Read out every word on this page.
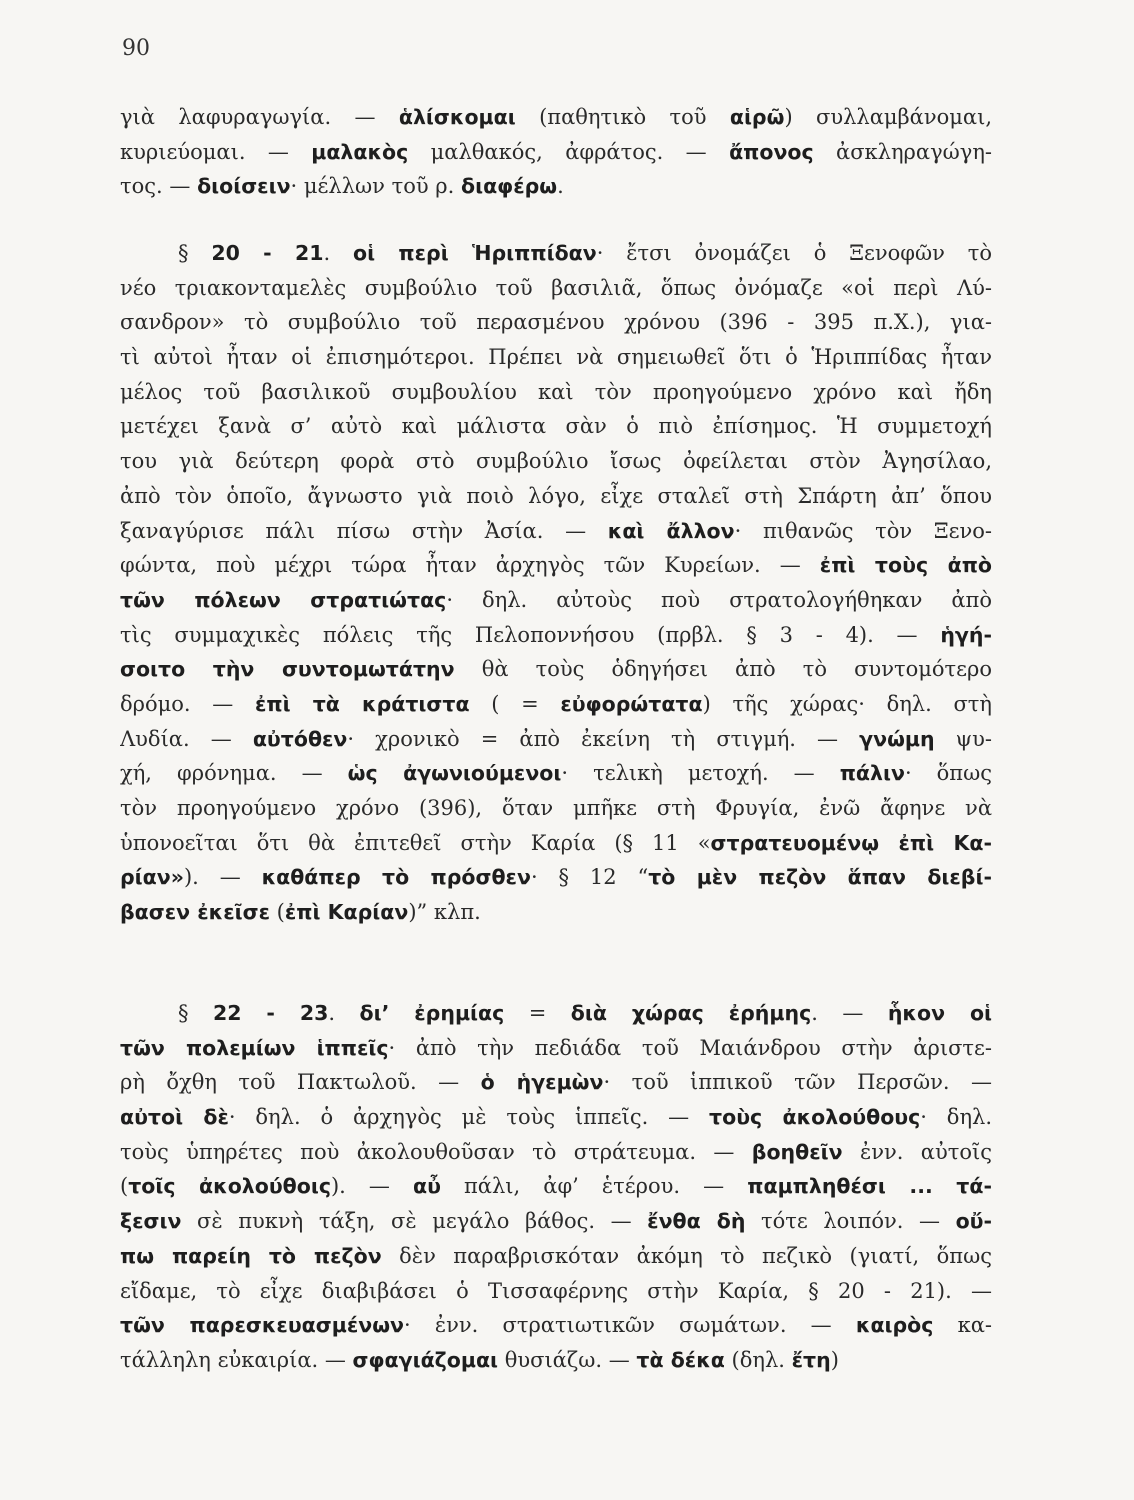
90
γιὰ λαφυραγωγία. — ἁλίσκομαι (παθητικὸ τοῦ αἱρῶ) συλλαμβάνομαι,
κυριεύομαι. — μαλακὸς μαλθακός, ἀφράτος. — ἄπονος ἀσκληραγώγη-
τος. — διοίσειν· μέλλων τοῦ ρ. διαφέρω.
§ 20 - 21. οἱ περὶ Ἡριππίδαν· ἔτσι ὀνομάζει ὁ Ξενοφῶν τὸ
νέο τριακονταμελὲς συμβούλιο τοῦ βασιλιᾶ, ὅπως ὀνόμαζε «οἱ περὶ Λύ-
σανδρον» τὸ συμβούλιο τοῦ περασμένου χρόνου (396 - 395 π.Χ.), για-
τὶ αὐτοὶ ἦταν οἱ ἐπισημότεροι. Πρέπει νὰ σημειωθεῖ ὅτι ὁ Ἡριππίδας ἦταν
μέλος τοῦ βασιλικοῦ συμβουλίου καὶ τὸν προηγούμενο χρόνο καὶ ἤδη
μετέχει ξανὰ σ’ αὐτὸ καὶ μάλιστα σὰν ὁ πιὸ ἐπίσημος. Ἡ συμμετοχή
του γιὰ δεύτερη φορὰ στὸ συμβούλιο ἴσως ὀφείλεται στὸν Ἀγησίλαο,
ἀπὸ τὸν ὁποῖο, ἄγνωστο γιὰ ποιὸ λόγο, εἶχε σταλεῖ στὴ Σπάρτη ἀπ’ ὅπου
ξαναγύρισε πάλι πίσω στὴν Ἀσία. — καὶ ἄλλον· πιθανῶς τὸν Ξενο-
φώντα, ποὺ μέχρι τώρα ἦταν ἀρχηγὸς τῶν Κυρείων. — ἐπὶ τοὺς ἀπὸ
τῶν πόλεων στρατιώτας· δηλ. αὐτοὺς ποὺ στρατολογήθηκαν ἀπὸ
τὶς συμμαχικὲς πόλεις τῆς Πελοποννήσου (πρβλ. § 3 - 4). — ἡγή-
σοιτο τὴν συντομωτάτην θὰ τοὺς ὁδηγήσει ἀπὸ τὸ συντομότερο
δρόμο. — ἐπὶ τὰ κράτιστα ( = εὐφορώτατα) τῆς χώρας· δηλ. στὴ
Λυδία. — αὐτόθεν· χρονικὸ = ἀπὸ ἐκείνη τὴ στιγμή. — γνώμη ψυ-
χή, φρόνημα. — ὡς ἀγωνιούμενοι· τελικὴ μετοχή. — πάλιν· ὅπως
τὸν προηγούμενο χρόνο (396), ὅταν μπῆκε στὴ Φρυγία, ἐνῶ ἄφηνε νὰ
ὑπονοεῖται ὅτι θὰ ἐπιτεθεῖ στὴν Καρία (§ 11 «στρατευομένῳ ἐπὶ Κα-
ρίαν»). — καθάπερ τὸ πρόσθεν· § 12 “τὸ μὲν πεζὸν ἅπαν διεβί-
βασεν ἐκεῖσε (ἐπὶ Καρίαν)” κλπ.
§ 22 - 23. δι’ ἐρημίας = διὰ χώρας ἐρήμης. — ἧκον οἱ
τῶν πολεμίων ἱππεῖς· ἀπὸ τὴν πεδιάδα τοῦ Μαιάνδρου στὴν ἀριστε-
ρὴ ὄχθη τοῦ Πακτωλοῦ. — ὁ ἡγεμὼν· τοῦ ἱππικοῦ τῶν Περσῶν. —
αὐτοὶ δὲ· δηλ. ὁ ἀρχηγὸς μὲ τοὺς ἱππεῖς. — τοὺς ἀκολούθους· δηλ.
τοὺς ὑπηρέτες ποὺ ἀκολουθοῦσαν τὸ στράτευμα. — βοηθεῖν ἐνν. αὐτοῖς
(τοῖς ἀκολούθοις). — αὖ πάλι, ἀφ’ ἑτέρου. — παμπληθέσι ... τά-
ξεσιν σὲ πυκνὴ τάξη, σὲ μεγάλο βάθος. — ἔνθα δὴ τότε λοιπόν. — οὔ-
πω παρείη τὸ πεζὸν δὲν παραβρισκόταν ἀκόμη τὸ πεζικὸ (γιατί, ὅπως
εἴδαμε, τὸ εἶχε διαβιβάσει ὁ Τισσαφέρνης στὴν Καρία, § 20 - 21). —
τῶν παρεσκευασμένων· ἐνν. στρατιωτικῶν σωμάτων. — καιρὸς κα-
τάλληλη εὐκαιρία. — σφαγιάζομαι θυσιάζω. — τὰ δέκα (δηλ. ἔτη)
